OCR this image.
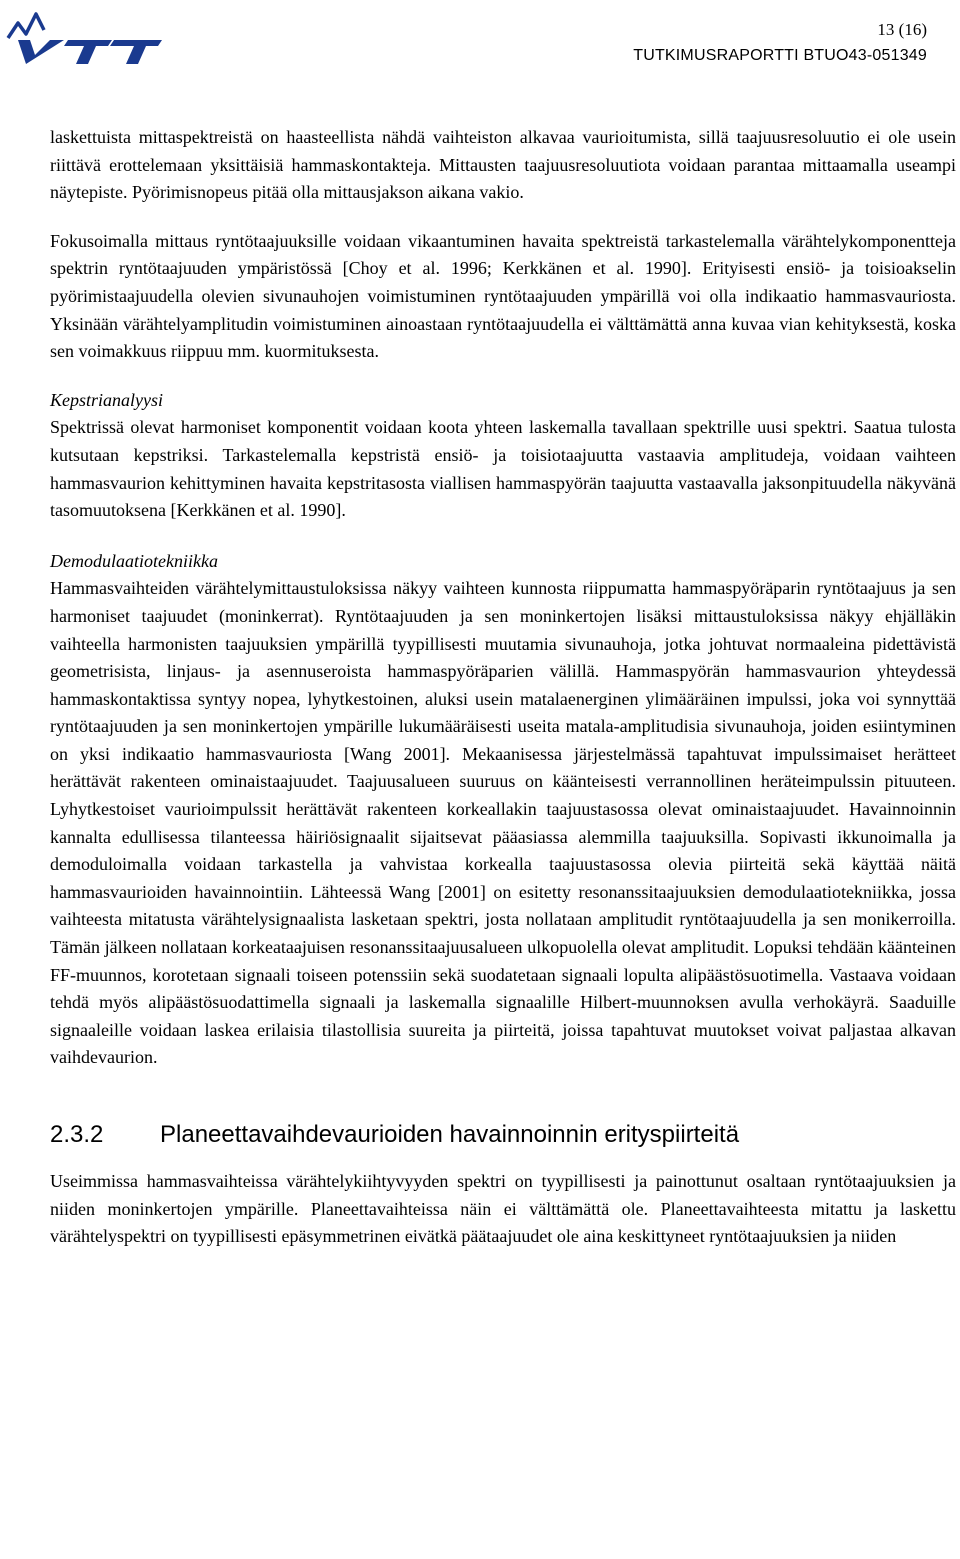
13 (16)
TUTKIMUSRAPORTTI BTUO43-051349

laskettuista mittaspektreistä on haasteellista nähdä vaihteiston alkavaa vaurioitumista, sillä taajuusresoluutio ei ole usein riittävä erottelemaan yksittäisiä hammaskontakteja. Mittausten taajuusresoluutiota voidaan parantaa mittaamalla useampi näytepiste. Pyörimisnopeus pitää olla mittausjakson aikana vakio.

Fokusoimalla mittaus ryntötaajuuksille voidaan vikaantuminen havaita spektreistä tarkastelemalla värähtelykomponentteja spektrin ryntötaajuuden ympäristössä [Choy et al. 1996; Kerkkänen et al. 1990]. Erityisesti ensiö- ja toisioakselin pyörimistaajuudella olevien sivunauhojen voimistuminen ryntötaajuuden ympärillä voi olla indikaatio hammasvauriosta. Yksinään värähtelyamplitudin voimistuminen ainoastaan ryntötaajuudella ei välttämättä anna kuvaa vian kehityksestä, koska sen voimakkuus riippuu mm. kuormituksesta.

Kepstrianalyysi

Spektrissä olevat harmoniset komponentit voidaan koota yhteen laskemalla tavallaan spektrille uusi spektri. Saatua tulosta kutsutaan kepstriksi. Tarkastelemalla kepstristä ensiö- ja toisiotaajuutta vastaavia amplitudeja, voidaan vaihteen hammasvaurion kehittyminen havaita kepstritasosta viallisen hammaspyörän taajuutta vastaavalla jaksonpituudella näkyvänä tasomuutoksena [Kerkkänen et al. 1990].

Demodulaatiotekniikka

Hammasvaihteiden värähtelymittaustuloksissa näkyy vaihteen kunnosta riippumatta hammaspyöräparin ryntötaajuus ja sen harmoniset taajuudet (moninkerrat). Ryntötaajuuden ja sen moninkertojen lisäksi mittaustuloksissa näkyy ehjälläkin vaihteella harmonisten taajuuksien ympärillä tyypillisesti muutamia sivunauhoja, jotka johtuvat normaaleina pidettävistä geometrisista, linjaus- ja asennuseroista hammaspyöräparien välillä. Hammaspyörän hammasvaurion yhteydessä hammaskontaktissa syntyy nopea, lyhytkestoinen, aluksi usein matalaenerginen ylimääräinen impulssi, joka voi synnyttää ryntötaajuuden ja sen moninkertojen ympärille lukumääräisesti useita matala-amplitudisia sivunauhoja, joiden esiintyminen on yksi indikaatio hammasvauriosta [Wang 2001]. Mekaanisessa järjestelmässä tapahtuvat impulssimaiset herätteet herättävät rakenteen ominaistaajuudet. Taajuusalueen suuruus on käänteisesti verrannollinen heräteimpulssin pituuteen. Lyhytkestoiset vaurioimpulssit herättävät rakenteen korkeallakin taajuustasossa olevat ominaistaajuudet. Havainnoinnin kannalta edullisessa tilanteessa häiriösignaalit sijaitsevat pääasiassa alemmilla taajuuksilla. Sopivasti ikkunoimalla ja demoduloimalla voidaan tarkastella ja vahvistaa korkealla taajuustasossa olevia piirteitä sekä käyttää näitä hammasvaurioiden havainnointiin. Lähteessä Wang [2001] on esitetty resonanssitaajuuksien demodulaatiotekniikka, jossa vaihteesta mitatusta värähtelysignaalista lasketaan spektri, josta nollataan amplitudit ryntötaajuudella ja sen monikerroilla. Tämän jälkeen nollataan korkeataajuisen resonanssitaajuusalueen ulkopuolella olevat amplitudit. Lopuksi tehdään käänteinen FF-muunnos, korotetaan signaali toiseen potenssiin sekä suodatetaan signaali lopulta alipäästösuotimella. Vastaava voidaan tehdä myös alipäästösuodattimella signaali ja laskemalla signaalille Hilbert-muunnoksen avulla verhokäyrä. Saaduille signaaleille voidaan laskea erilaisia tilastollisia suureita ja piirteitä, joissa tapahtuvat muutokset voivat paljastaa alkavan vaihdevaurion.

2.3.2	Planeettavaihdevaurioiden havainnoinnin erityspiirteitä

Useimmissa hammasvaihteissa värähtelykiihtyvyyden spektri on tyypillisesti ja painottunut osaltaan ryntötaajuuksien ja niiden moninkertojen ympärille. Planeettavaihteissa näin ei välttämättä ole. Planeettavaihteesta mitattu ja laskettu värähtelyspektri on tyypillisesti epäsymmetrinen eivätkä päätaajuudet ole aina keskittyneet ryntötaajuuksien ja niiden
